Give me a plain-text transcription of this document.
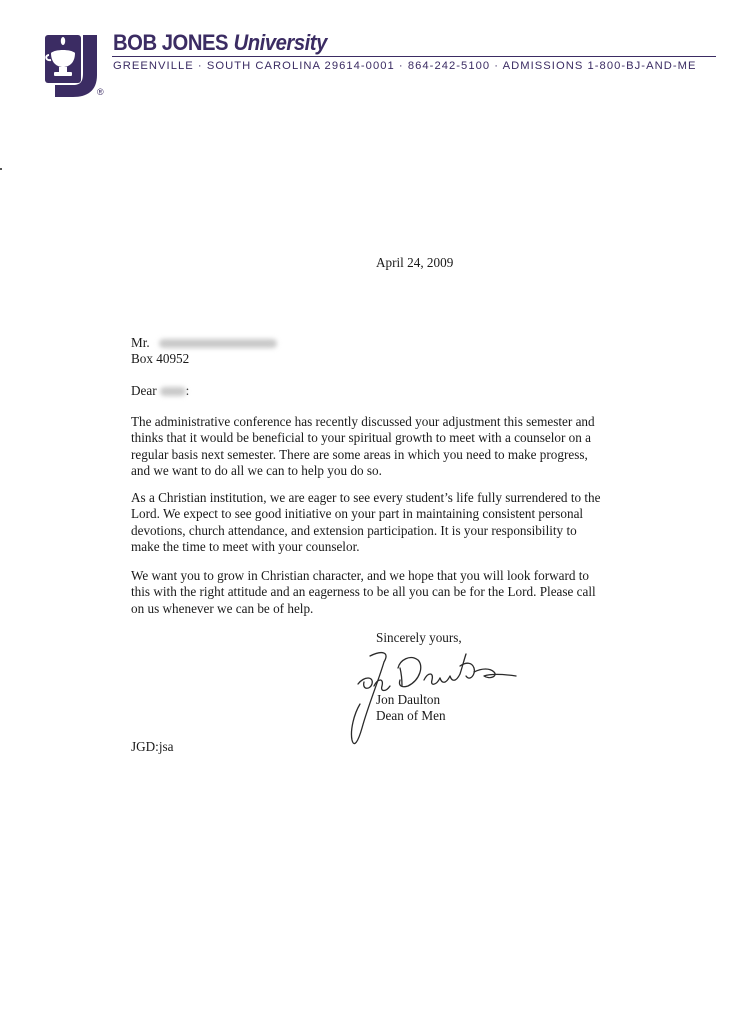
®
BOB JONES University
GREENVILLE · SOUTH CAROLINA 29614-0001 · 864-242-5100 · ADMISSIONS 1-800-BJ-AND-ME
April 24, 2009
Mr.
Box 40952
Dear :
The administrative conference has recently discussed your adjustment this semester and
thinks that it would be beneficial to your spiritual growth to meet with a counselor on a
regular basis next semester. There are some areas in which you need to make progress,
and we want to do all we can to help you do so.
As a Christian institution, we are eager to see every student’s life fully surrendered to the
Lord. We expect to see good initiative on your part in maintaining consistent personal
devotions, church attendance, and extension participation. It is your responsibility to
make the time to meet with your counselor.
We want you to grow in Christian character, and we hope that you will look forward to
this with the right attitude and an eagerness to be all you can be for the Lord. Please call
on us whenever we can be of help.
Sincerely yours,
Jon Daulton
Dean of Men
JGD:jsa
